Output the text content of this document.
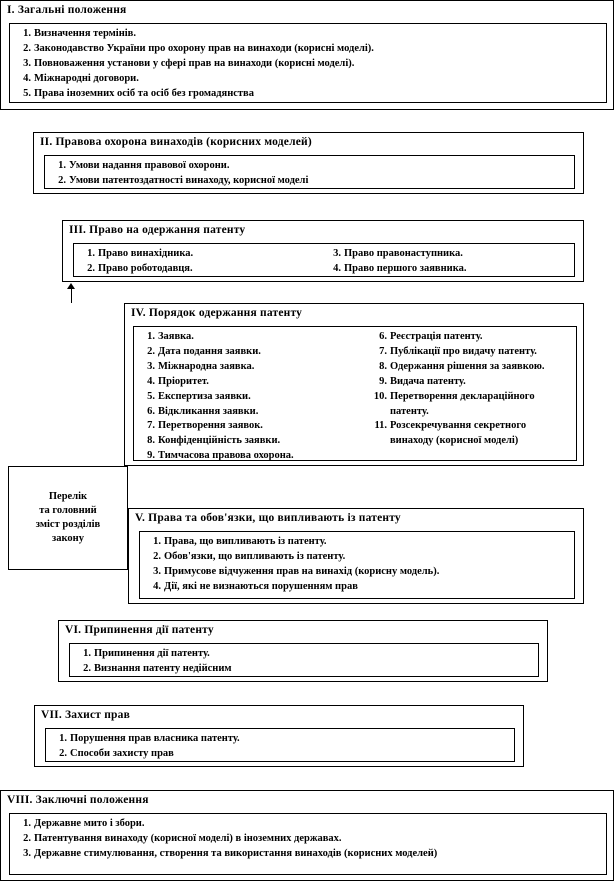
I. Загальні положення
1. Визначення термінів.
2. Законодавство України про охорону прав на винаходи (корисні моделі).
3. Повноваження установи у сфері прав на винаходи (корисні моделі).
4. Міжнародні договори.
5. Права іноземних осіб та осіб без громадянства
II. Правова охорона винаходів (корисних моделей)
1. Умови надання правової охорони.
2. Умови патентоздатності винаходу, корисної моделі
III. Право на одержання патенту
1. Право винахідника.
2. Право роботодавця.
3. Право правонаступника.
4. Право першого заявника.
IV. Порядок одержання патенту
1. Заявка.
2. Дата подання заявки.
3. Міжнародна заявка.
4. Пріоритет.
5. Експертиза заявки.
6. Відкликання заявки.
7. Перетворення заявок.
8. Конфіденційність заявки.
9. Тимчасова правова охорона.
6. Реєстрація патенту.
7. Публікації про видачу патенту.
8. Одержання рішення за заявкою.
9. Видача патенту.
10. Перетворення деклараційного патенту.
11. Розсекречування секретного винаходу (корисної моделі)
Перелік
та головний
зміст розділів
закону
V. Права та обов'язки, що випливають із патенту
1. Права, що випливають із патенту.
2. Обов'язки, що випливають із патенту.
3. Примусове відчуження прав на винахід (корисну модель).
4. Дії, які не визнаються порушенням прав
VI. Припинення дії патенту
1. Припинення дії патенту.
2. Визнання патенту недійсним
VII. Захист прав
1. Порушення прав власника патенту.
2. Способи захисту прав
VIII. Заключні положення
1. Державне мито і збори.
2. Патентування винаходу (корисної моделі) в іноземних державах.
3. Державне стимулювання, створення та використання винаходів (корисних моделей)
